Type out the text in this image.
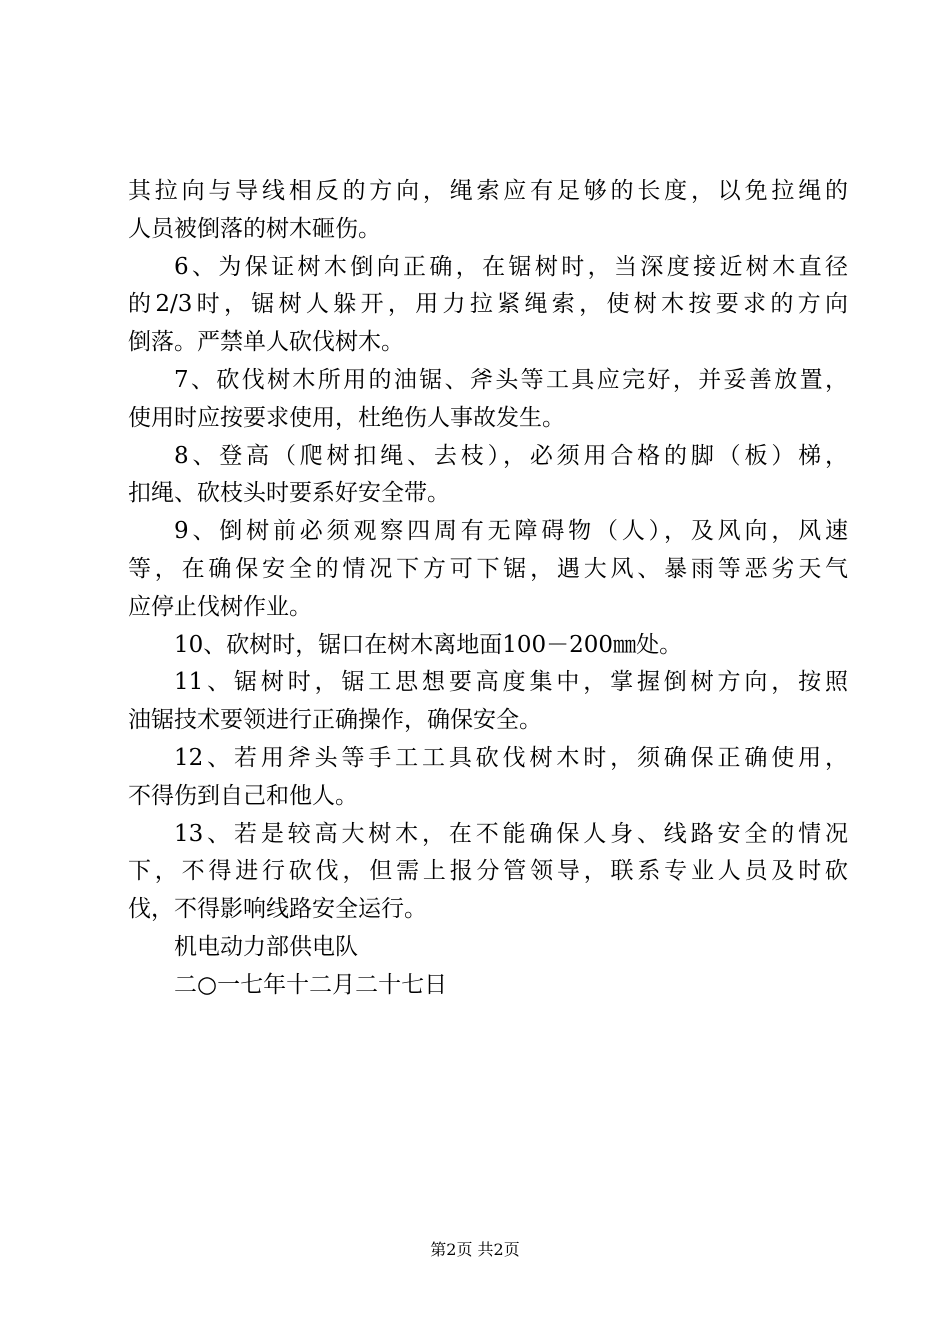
其拉向与导线相反的方向，绳索应有足够的长度，以免拉绳的
人员被倒落的树木砸伤。
6、为保证树木倒向正确，在锯树时，当深度接近树木直径
的2/3时，锯树人躲开，用力拉紧绳索，使树木按要求的方向
倒落。严禁单人砍伐树木。
7、砍伐树木所用的油锯、斧头等工具应完好，并妥善放置，
使用时应按要求使用，杜绝伤人事故发生。
8、登高（爬树扣绳、去枝），必须用合格的脚（板）梯，
扣绳、砍枝头时要系好安全带。
9、倒树前必须观察四周有无障碍物（人），及风向，风速
等，在确保安全的情况下方可下锯，遇大风、暴雨等恶劣天气
应停止伐树作业。
10、砍树时，锯口在树木离地面100－200㎜处。
11、锯树时，锯工思想要高度集中，掌握倒树方向，按照
油锯技术要领进行正确操作，确保安全。
12、若用斧头等手工工具砍伐树木时，须确保正确使用，
不得伤到自己和他人。
13、若是较高大树木，在不能确保人身、线路安全的情况
下，不得进行砍伐，但需上报分管领导，联系专业人员及时砍
伐，不得影响线路安全运行。
机电动力部供电队
二○一七年十二月二十七日
第2页 共2页
